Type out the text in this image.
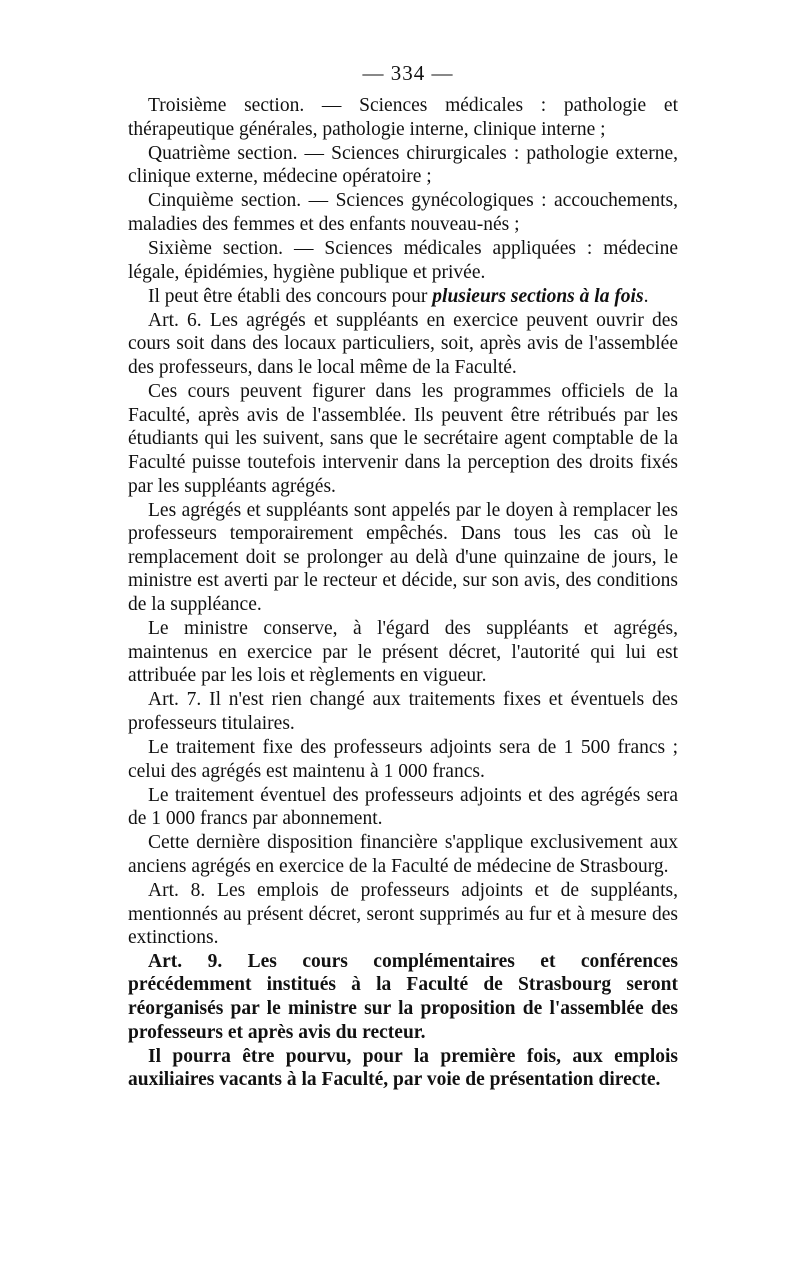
— 334 —

Troisième section. — Sciences médicales : pathologie et thérapeutique générales, pathologie interne, clinique interne ;

Quatrième section. — Sciences chirurgicales : pathologie externe, clinique externe, médecine opératoire ;

Cinquième section. — Sciences gynécologiques : accouchements, maladies des femmes et des enfants nouveau-nés ;

Sixième section. — Sciences médicales appliquées : médecine légale, épidémies, hygiène publique et privée.

Il peut être établi des concours pour plusieurs sections à la fois.

Art. 6. Les agrégés et suppléants en exercice peuvent ouvrir des cours soit dans des locaux particuliers, soit, après avis de l'assemblée des professeurs, dans le local même de la Faculté.

Ces cours peuvent figurer dans les programmes officiels de la Faculté, après avis de l'assemblée. Ils peuvent être rétribués par les étudiants qui les suivent, sans que le secrétaire agent comptable de la Faculté puisse toutefois intervenir dans la perception des droits fixés par les suppléants agrégés.

Les agrégés et suppléants sont appelés par le doyen à remplacer les professeurs temporairement empêchés. Dans tous les cas où le remplacement doit se prolonger au delà d'une quinzaine de jours, le ministre est averti par le recteur et décide, sur son avis, des conditions de la suppléance.

Le ministre conserve, à l'égard des suppléants et agrégés, maintenus en exercice par le présent décret, l'autorité qui lui est attribuée par les lois et règlements en vigueur.

Art. 7. Il n'est rien changé aux traitements fixes et éventuels des professeurs titulaires.

Le traitement fixe des professeurs adjoints sera de 1 500 francs ; celui des agrégés est maintenu à 1 000 francs.

Le traitement éventuel des professeurs adjoints et des agrégés sera de 1 000 francs par abonnement.

Cette dernière disposition financière s'applique exclusivement aux anciens agrégés en exercice de la Faculté de médecine de Strasbourg.

Art. 8. Les emplois de professeurs adjoints et de suppléants, mentionnés au présent décret, seront supprimés au fur et à mesure des extinctions.

Art. 9. Les cours complémentaires et conférences précédemment institués à la Faculté de Strasbourg seront réorganisés par le ministre sur la proposition de l'assemblée des professeurs et après avis du recteur.

Il pourra être pourvu, pour la première fois, aux emplois auxiliaires vacants à la Faculté, par voie de présentation directe.
